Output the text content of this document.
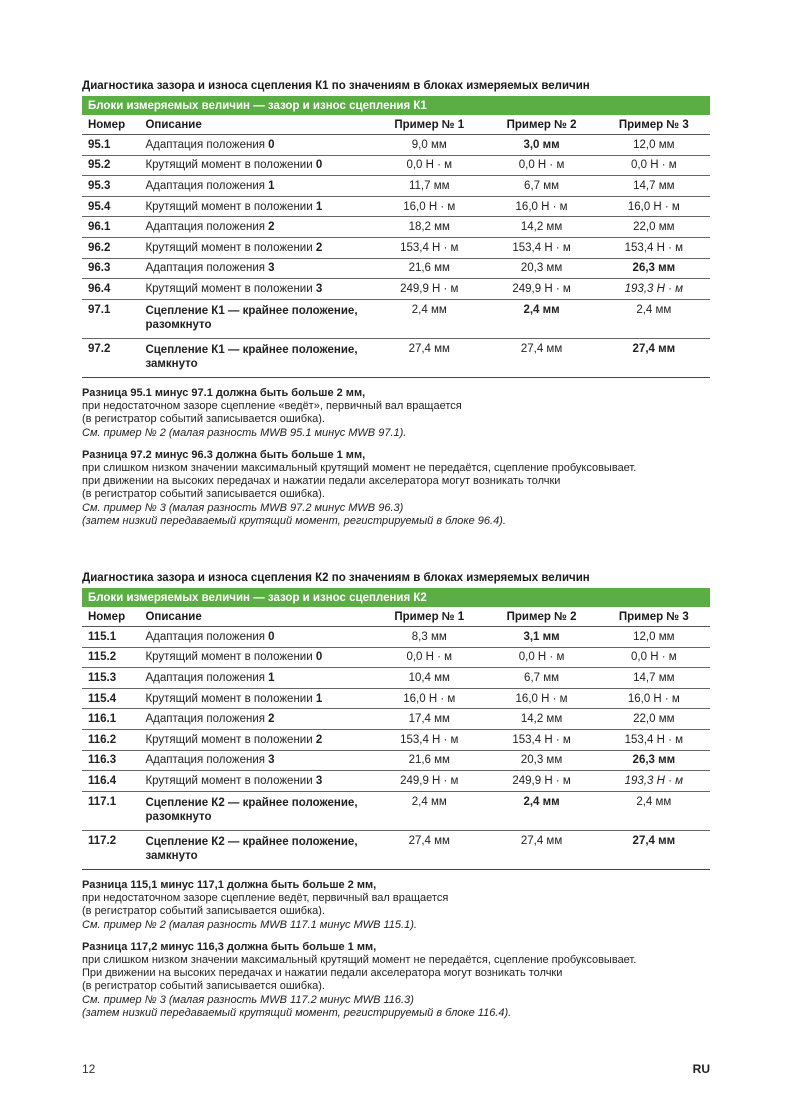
Диагностика зазора и износа сцепления К1 по значениям в блоках измеряемых величин
Блоки измеряемых величин — зазор и износ сцепления К1				
Номер	Описание	Пример № 1	Пример № 2	Пример № 3
95.1	Адаптация положения 0	9,0 мм	3,0 мм	12,0 мм
95.2	Крутящий момент в положении 0	0,0 Н · м	0,0 Н · м	0,0 Н · м
95.3	Адаптация положения 1	11,7 мм	6,7 мм	14,7 мм
95.4	Крутящий момент в положении 1	16,0 Н · м	16,0 Н · м	16,0 Н · м
96.1	Адаптация положения 2	18,2 мм	14,2 мм	22,0 мм
96.2	Крутящий момент в положении 2	153,4 Н · м	153,4 Н · м	153,4 Н · м
96.3	Адаптация положения 3	21,6 мм	20,3 мм	26,3 мм
96.4	Крутящий момент в положении 3	249,9 Н · м	249,9 Н · м	193,3 Н · м
97.1	Сцепление К1 — крайнее положение, разомкнуто	2,4 мм	2,4 мм	2,4 мм
97.2	Сцепление К1 — крайнее положение, замкнуто	27,4 мм	27,4 мм	27,4 мм

Разница 95.1 минус 97.1 должна быть больше 2 мм,
при недостаточном зазоре сцепление «ведёт», первичный вал вращается
(в регистратор событий записывается ошибка).
См. пример № 2 (малая разность MWB 95.1 минус MWB 97.1).

Разница 97.2 минус 96.3 должна быть больше 1 мм,
при слишком низком значении максимальный крутящий момент не передаётся, сцепление пробуксовывает.
при движении на высоких передачах и нажатии педали акселератора могут возникать толчки
(в регистратор событий записывается ошибка).
См. пример № 3 (малая разность MWB 97.2 минус MWB 96.3)
(затем низкий передаваемый крутящий момент, регистрируемый в блоке 96.4).

Диагностика зазора и износа сцепления К2 по значениям в блоках измеряемых величин
Блоки измеряемых величин — зазор и износ сцепления К2				
Номер	Описание	Пример № 1	Пример № 2	Пример № 3
115.1	Адаптация положения 0	8,3 мм	3,1 мм	12,0 мм
115.2	Крутящий момент в положении 0	0,0 Н · м	0,0 Н · м	0,0 Н · м
115.3	Адаптация положения 1	10,4 мм	6,7 мм	14,7 мм
115.4	Крутящий момент в положении 1	16,0 Н · м	16,0 Н · м	16,0 Н · м
116.1	Адаптация положения 2	17,4 мм	14,2 мм	22,0 мм
116.2	Крутящий момент в положении 2	153,4 Н · м	153,4 Н · м	153,4 Н · м
116.3	Адаптация положения 3	21,6 мм	20,3 мм	26,3 мм
116.4	Крутящий момент в положении 3	249,9 Н · м	249,9 Н · м	193,3 Н · м
117.1	Сцепление К2 — крайнее положение, разомкнуто	2,4 мм	2,4 мм	2,4 мм
117.2	Сцепление К2 — крайнее положение, замкнуто	27,4 мм	27,4 мм	27,4 мм

Разница 115,1 минус 117,1 должна быть больше 2 мм,
при недостаточном зазоре сцепление ведёт, первичный вал вращается
(в регистратор событий записывается ошибка).
См. пример № 2 (малая разность MWB 117.1 минус MWB 115.1).

Разница 117,2 минус 116,3 должна быть больше 1 мм,
при слишком низком значении максимальный крутящий момент не передаётся, сцепление пробуксовывает.
При движении на высоких передачах и нажатии педали акселератора могут возникать толчки
(в регистратор событий записывается ошибка).
См. пример № 3 (малая разность MWB 117.2 минус MWB 116.3)
(затем низкий передаваемый крутящий момент, регистрируемый в блоке 116.4).

12	RU
